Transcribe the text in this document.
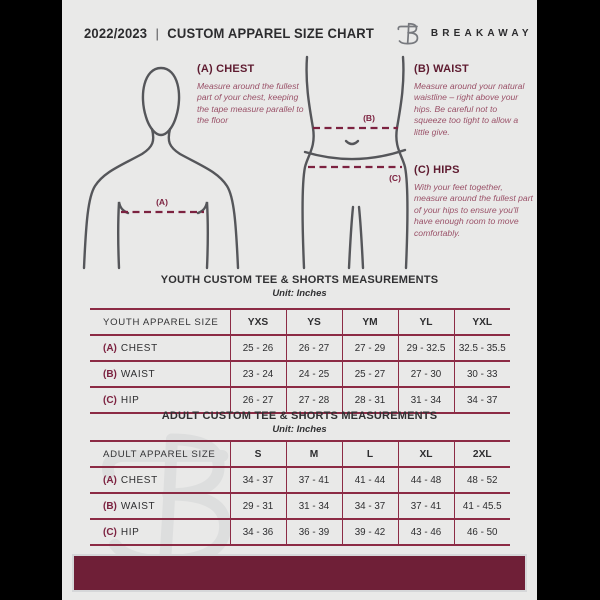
2022/2023 | CUSTOM APPAREL SIZE CHART	BREAKAWAY
(A)
(B)
(C)

(A) CHEST

Measure around the fullest part of your chest, keeping the tape measure parallel to the floor

(B) WAIST

Measure around your natural waistline – right above your hips. Be careful not to squeeze too tight to allow a little give.

(C) HIPS

With your feet together, measure around the fullest part of your hips to ensure you'll have enough room to move comfortably.

YOUTH CUSTOM TEE & SHORTS MEASUREMENTS
Unit: Inches
YOUTH APPAREL SIZE	YXS	YS	YM	YL	YXL
(A) CHEST	25 - 26	26 - 27	27 - 29	29 - 32.5	32.5 - 35.5
(B) WAIST	23 - 24	24 - 25	25 - 27	27 - 30	30 - 33
(C) HIP	26 - 27	27 - 28	28 - 31	31 - 34	34 - 37
ADULT CUSTOM TEE & SHORTS MEASUREMENTS
Unit: Inches
ADULT APPAREL SIZE	S	M	L	XL	2XL
(A) CHEST	34 - 37	37 - 41	41 - 44	44 - 48	48 - 52
(B) WAIST	29 - 31	31 - 34	34 - 37	37 - 41	41 - 45.5
(C) HIP	34 - 36	36 - 39	39 - 42	43 - 46	46 - 50
